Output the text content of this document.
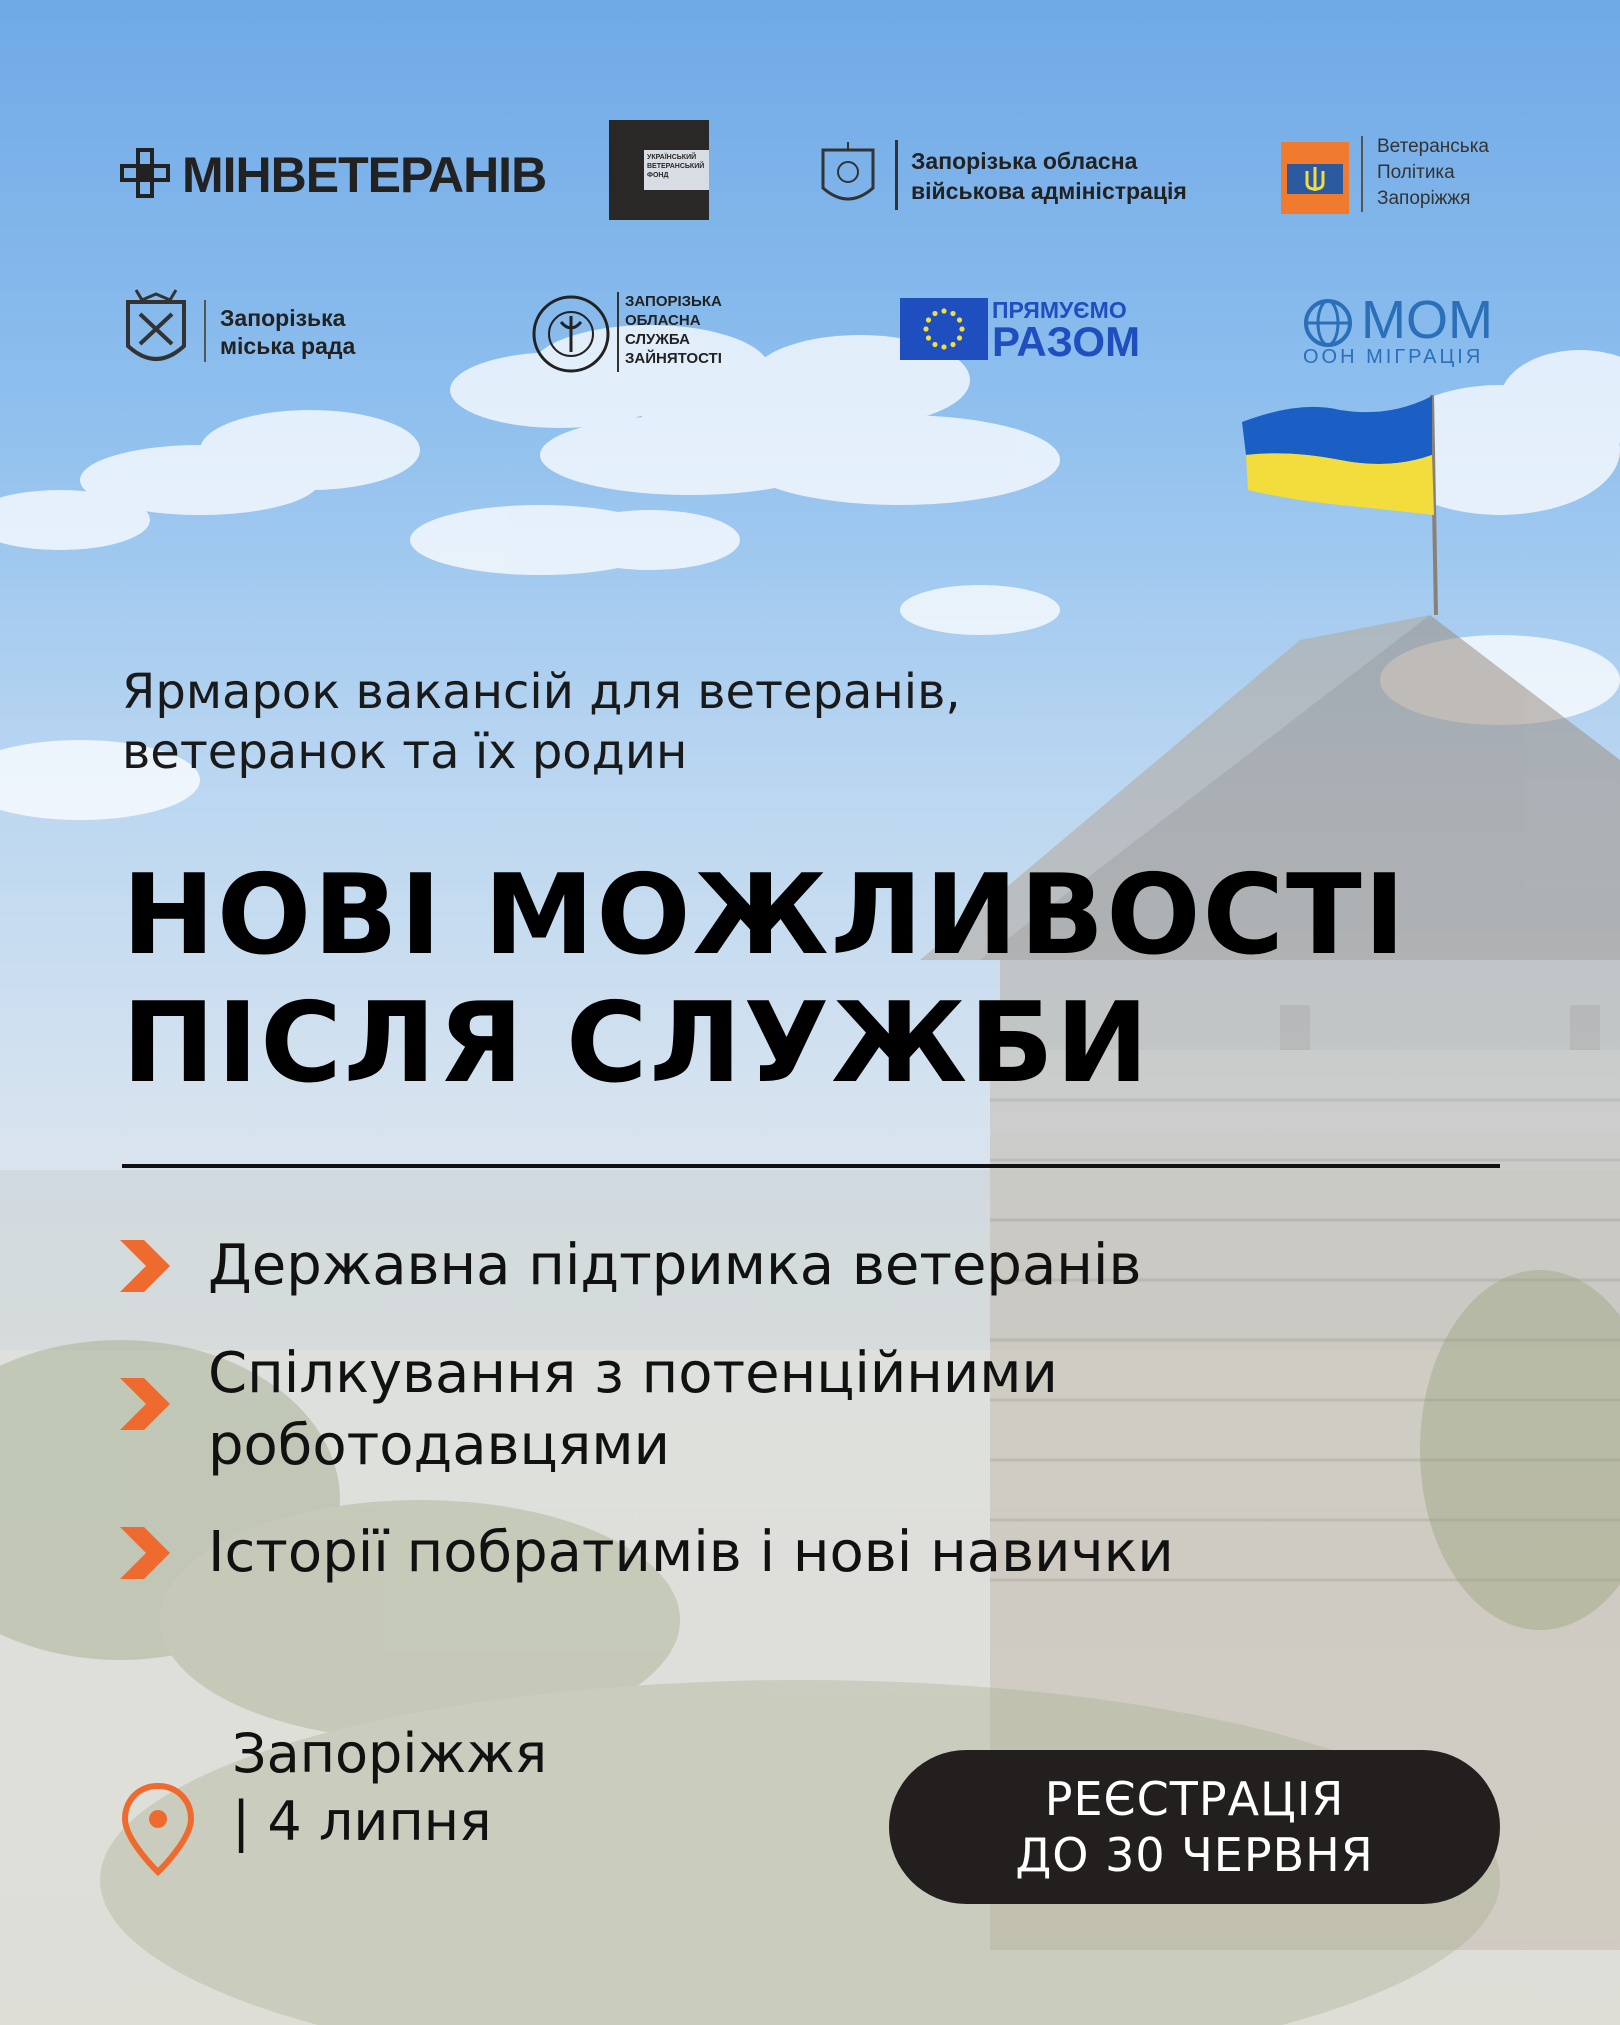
МІНВЕТЕРАНІВ	УКРАЇНСЬКИЙ
ВЕТЕРАНСЬКИЙ
ФОНД
Запорізька обласна
військова адміністрація
Ветеранська
Політика
Запоріжжя
Запорізька
міська рада
ЗАПОРІЗЬКА
ОБЛАСНА
СЛУЖБА
ЗАЙНЯТОСТІ
ПРЯМУЄМО
РАЗОМ	МОМ
ООН МІГРАЦІЯ
Ярмарок вакансій для ветеранів,
ветеранок та їх родин
НОВІ МОЖЛИВОСТІ
ПІСЛЯ СЛУЖБИ
Державна підтримка ветеранів
Спілкування з потенційними
роботодавцями
Історії побратимів і нові навички
Запоріжжя
| 4 липня	РЕЄСТРАЦІЯ
ДО 30 ЧЕРВНЯ
